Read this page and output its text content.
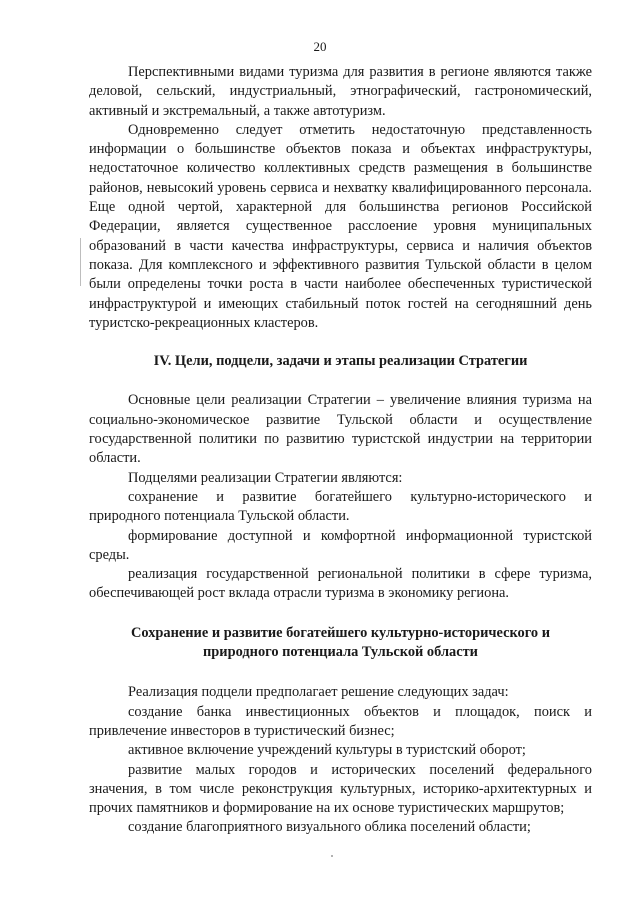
20

Перспективными видами туризма для развития в регионе являются также деловой, сельский, индустриальный, этнографический, гастрономический, активный и экстремальный, а также автотуризм.

Одновременно следует отметить недостаточную представленность информации о большинстве объектов показа и объектах инфраструктуры, недостаточное количество коллективных средств размещения в большинстве районов, невысокий уровень сервиса и нехватку квалифицированного персонала. Еще одной чертой, характерной для большинства регионов Российской Федерации, является существенное расслоение уровня муниципальных образований в части качества инфраструктуры, сервиса и наличия объектов показа. Для комплексного и эффективного развития Тульской области в целом были определены точки роста в части наиболее обеспеченных туристической инфраструктурой и имеющих стабильный поток гостей на сегодняшний день туристско-рекреационных кластеров.

IV. Цели, подцели, задачи и этапы реализации Стратегии

Основные цели реализации Стратегии – увеличение влияния туризма на социально-экономическое развитие Тульской области и осуществление государственной политики по развитию туристской индустрии на территории области.

Подцелями реализации Стратегии являются:

сохранение и развитие богатейшего культурно-исторического и природного потенциала Тульской области.

формирование доступной и комфортной информационной туристской среды.

реализация государственной региональной политики в сфере туризма, обеспечивающей рост вклада отрасли туризма в экономику региона.

Сохранение и развитие богатейшего культурно-исторического и
природного потенциала Тульской области

Реализация подцели предполагает решение следующих задач:

создание банка инвестиционных объектов и площадок, поиск и привлечение инвесторов в туристический бизнес;

активное включение учреждений культуры в туристский оборот;

развитие малых городов и исторических поселений федерального значения, в том числе реконструкция культурных, историко-архитектурных и прочих памятников и формирование на их основе туристических маршрутов;

создание благоприятного визуального облика поселений области;
